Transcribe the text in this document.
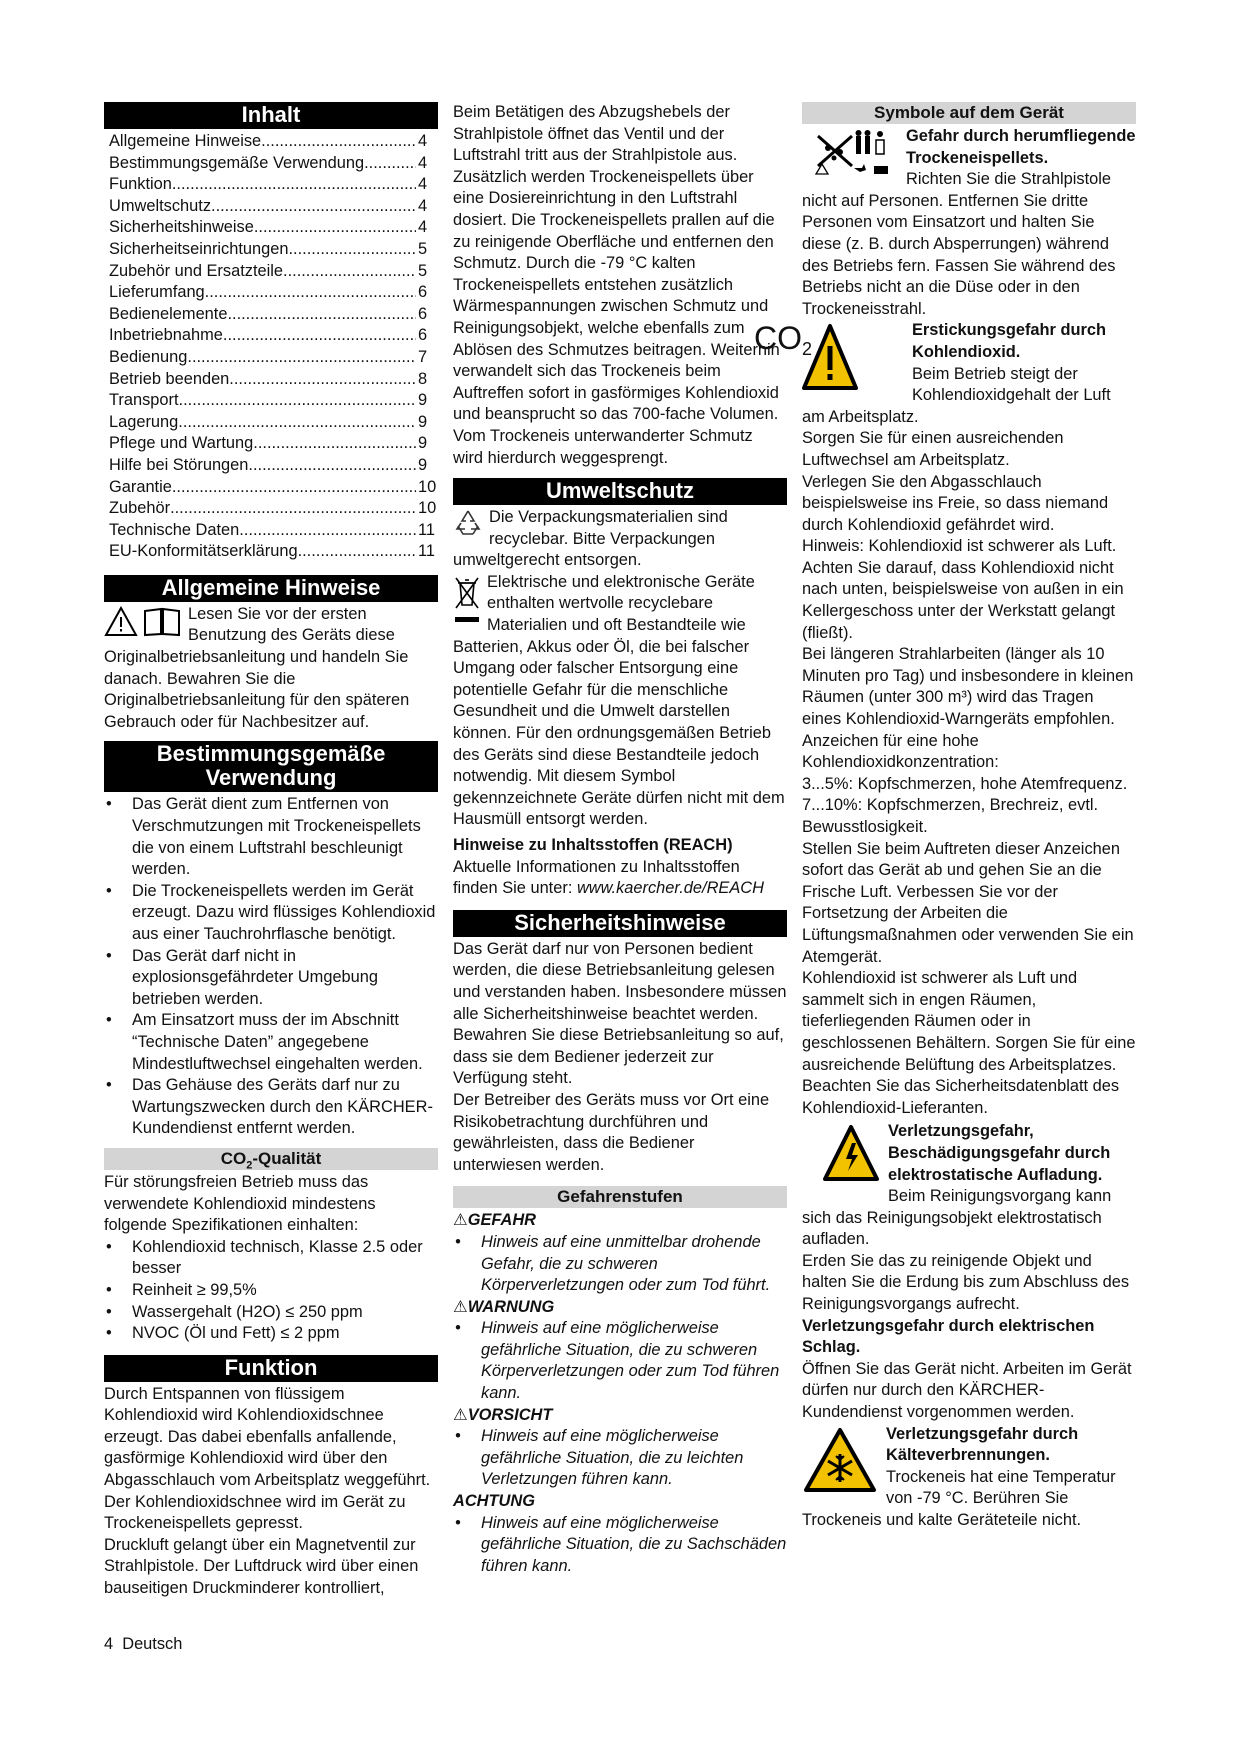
Inhalt
Allgemeine Hinweise .....	4
Bestimmungsgemäße Verwendung .....	4
Funktion .....	4
Umweltschutz .....	4
Sicherheitshinweise .....	4
Sicherheitseinrichtungen .....	5
Zubehör und Ersatzteile .....	5
Lieferumfang .....	6
Bedienelemente .....	6
Inbetriebnahme .....	6
Bedienung .....	7
Betrieb beenden .....	8
Transport .....	9
Lagerung .....	9
Pflege und Wartung .....	9
Hilfe bei Störungen .....	9
Garantie .....	10
Zubehör .....	10
Technische Daten .....	11
EU-Konformitätserklärung .....	11
Allgemeine Hinweise

Lesen Sie vor der ersten Benutzung des Geräts diese Originalbetriebsanleitung und handeln Sie danach. Bewahren Sie die Originalbetriebsanleitung für den späteren Gebrauch oder für Nachbesitzer auf.

Bestimmungsgemäße
Verwendung
• Das Gerät dient zum Entfernen von Verschmutzungen mit Trockeneispellets die von einem Luftstrahl beschleunigt werden.
• Die Trockeneispellets werden im Gerät erzeugt. Dazu wird flüssiges Kohlendioxid aus einer Tauchrohrflasche benötigt.
• Das Gerät darf nicht in explosionsgefährdeter Umgebung betrieben werden.
• Am Einsatzort muss der im Abschnitt “Technische Daten” angegebene Mindestluftwechsel eingehalten werden.
• Das Gehäuse des Geräts darf nur zu Wartungszwecken durch den KÄRCHER-Kundendienst entfernt werden.
$CO_2$-Qualität

Für störungsfreien Betrieb muss das verwendete Kohlendioxid mindestens folgende Spezifikationen einhalten:

• Kohlendioxid technisch, Klasse 2.5 oder besser
• Reinheit ≥ 99,5%
• Wassergehalt (H2O) ≤ 250 ppm
• NVOC (Öl und Fett) ≤ 2 ppm
Funktion

Durch Entspannen von flüssigem Kohlendioxid wird Kohlendioxidschnee erzeugt. Das dabei ebenfalls anfallende, gasförmige Kohlendioxid wird über den Abgasschlauch vom Arbeitsplatz weggeführt.

Der Kohlendioxidschnee wird im Gerät zu Trockeneispellets gepresst.

Druckluft gelangt über ein Magnetventil zur Strahlpistole. Der Luftdruck wird über einen bauseitigen Druckminderer kontrolliert,

Beim Betätigen des Abzugshebels der Strahlpistole öffnet das Ventil und der Luftstrahl tritt aus der Strahlpistole aus. Zusätzlich werden Trockeneispellets über eine Dosiereinrichtung in den Luftstrahl dosiert. Die Trockeneispellets prallen auf die zu reinigende Oberfläche und entfernen den Schmutz. Durch die -79 °C kalten Trockeneispellets entstehen zusätzlich Wärmespannungen zwischen Schmutz und Reinigungsobjekt, welche ebenfalls zum Ablösen des Schmutzes beitragen. Weiterhin verwandelt sich das Trockeneis beim Auftreffen sofort in gasförmiges Kohlendioxid und beansprucht so das 700-fache Volumen. Vom Trockeneis unterwanderter Schmutz wird hierdurch weggesprengt.

Umweltschutz

Die Verpackungsmaterialien sind recyclebar. Bitte Verpackungen umweltgerecht entsorgen.

Elektrische und elektronische Geräte enthalten wertvolle recyclebare Materialien und oft Bestandteile wie Batterien, Akkus oder Öl, die bei falscher Umgang oder falscher Entsorgung eine potentielle Gefahr für die menschliche Gesundheit und die Umwelt darstellen können. Für den ordnungsgemäßen Betrieb des Geräts sind diese Bestandteile jedoch notwendig. Mit diesem Symbol gekennzeichnete Geräte dürfen nicht mit dem Hausmüll entsorgt werden.

Hinweise zu Inhaltsstoffen (REACH)

Aktuelle Informationen zu Inhaltsstoffen finden Sie unter: www.kaercher.de/REACH

Sicherheitshinweise

Das Gerät darf nur von Personen bedient werden, die diese Betriebsanleitung gelesen und verstanden haben. Insbesondere müssen alle Sicherheitshinweise beachtet werden.

Bewahren Sie diese Betriebsanleitung so auf, dass sie dem Bediener jederzeit zur Verfügung steht.

Der Betreiber des Geräts muss vor Ort eine Risikobetrachtung durchführen und gewährleisten, dass die Bediener unterwiesen werden.

Gefahrenstufen

⚠GEFAHR

• Hinweis auf eine unmittelbar drohende Gefahr, die zu schweren Körperverletzungen oder zum Tod führt.

⚠WARNUNG

• Hinweis auf eine möglicherweise gefährliche Situation, die zu schweren Körperverletzungen oder zum Tod führen kann.

⚠VORSICHT

• Hinweis auf eine möglicherweise gefährliche Situation, die zu leichten Verletzungen führen kann.

ACHTUNG

• Hinweis auf eine möglicherweise gefährliche Situation, die zu Sachschäden führen kann.
Symbole auf dem Gerät

Gefahr durch herumfliegende Trockeneispellets.

Richten Sie die Strahlpistole nicht auf Personen. Entfernen Sie dritte Personen vom Einsatzort und halten Sie diese (z. B. durch Absperrungen) während des Betriebs fern. Fassen Sie während des Betriebs nicht an die Düse oder in den Trockeneisstrahl.

CO2

Erstickungsgefahr durch Kohlendioxid.

Beim Betrieb steigt der Kohlendioxidgehalt der Luft am Arbeitsplatz.

Sorgen Sie für einen ausreichenden Luftwechsel am Arbeitsplatz.

Verlegen Sie den Abgasschlauch beispielsweise ins Freie, so dass niemand durch Kohlendioxid gefährdet wird.

Hinweis: Kohlendioxid ist schwerer als Luft. Achten Sie darauf, dass Kohlendioxid nicht nach unten, beispielsweise von außen in ein Kellergeschoss unter der Werkstatt gelangt (fließt).

Bei längeren Strahlarbeiten (länger als 10 Minuten pro Tag) und insbesondere in kleinen Räumen (unter 300 m³) wird das Tragen eines Kohlendioxid-Warngeräts empfohlen.

Anzeichen für eine hohe Kohlendioxidkonzentration:

3...5%: Kopfschmerzen, hohe Atemfrequenz.

7...10%: Kopfschmerzen, Brechreiz, evtl. Bewusstlosigkeit.

Stellen Sie beim Auftreten dieser Anzeichen sofort das Gerät ab und gehen Sie an die Frische Luft. Verbessen Sie vor der Fortsetzung der Arbeiten die Lüftungsmaßnahmen oder verwenden Sie ein Atemgerät.

Kohlendioxid ist schwerer als Luft und sammelt sich in engen Räumen, tieferliegenden Räumen oder in geschlossenen Behältern. Sorgen Sie für eine ausreichende Belüftung des Arbeitsplatzes.

Beachten Sie das Sicherheitsdatenblatt des Kohlendioxid-Lieferanten.

Verletzungsgefahr, Beschädigungsgefahr durch elektrostatische Aufladung.

Beim Reinigungsvorgang kann sich das Reinigungsobjekt elektrostatisch aufladen.

Erden Sie das zu reinigende Objekt und halten Sie die Erdung bis zum Abschluss des Reinigungsvorgangs aufrecht.

Verletzungsgefahr durch elektrischen Schlag.

Öffnen Sie das Gerät nicht. Arbeiten im Gerät dürfen nur durch den KÄRCHER-Kundendienst vorgenommen werden.

Verletzungsgefahr durch Kälteverbrennungen.

Trockeneis hat eine Temperatur von -79 °C. Berühren Sie Trockeneis und kalte Geräteteile nicht.

4 Deutsch
